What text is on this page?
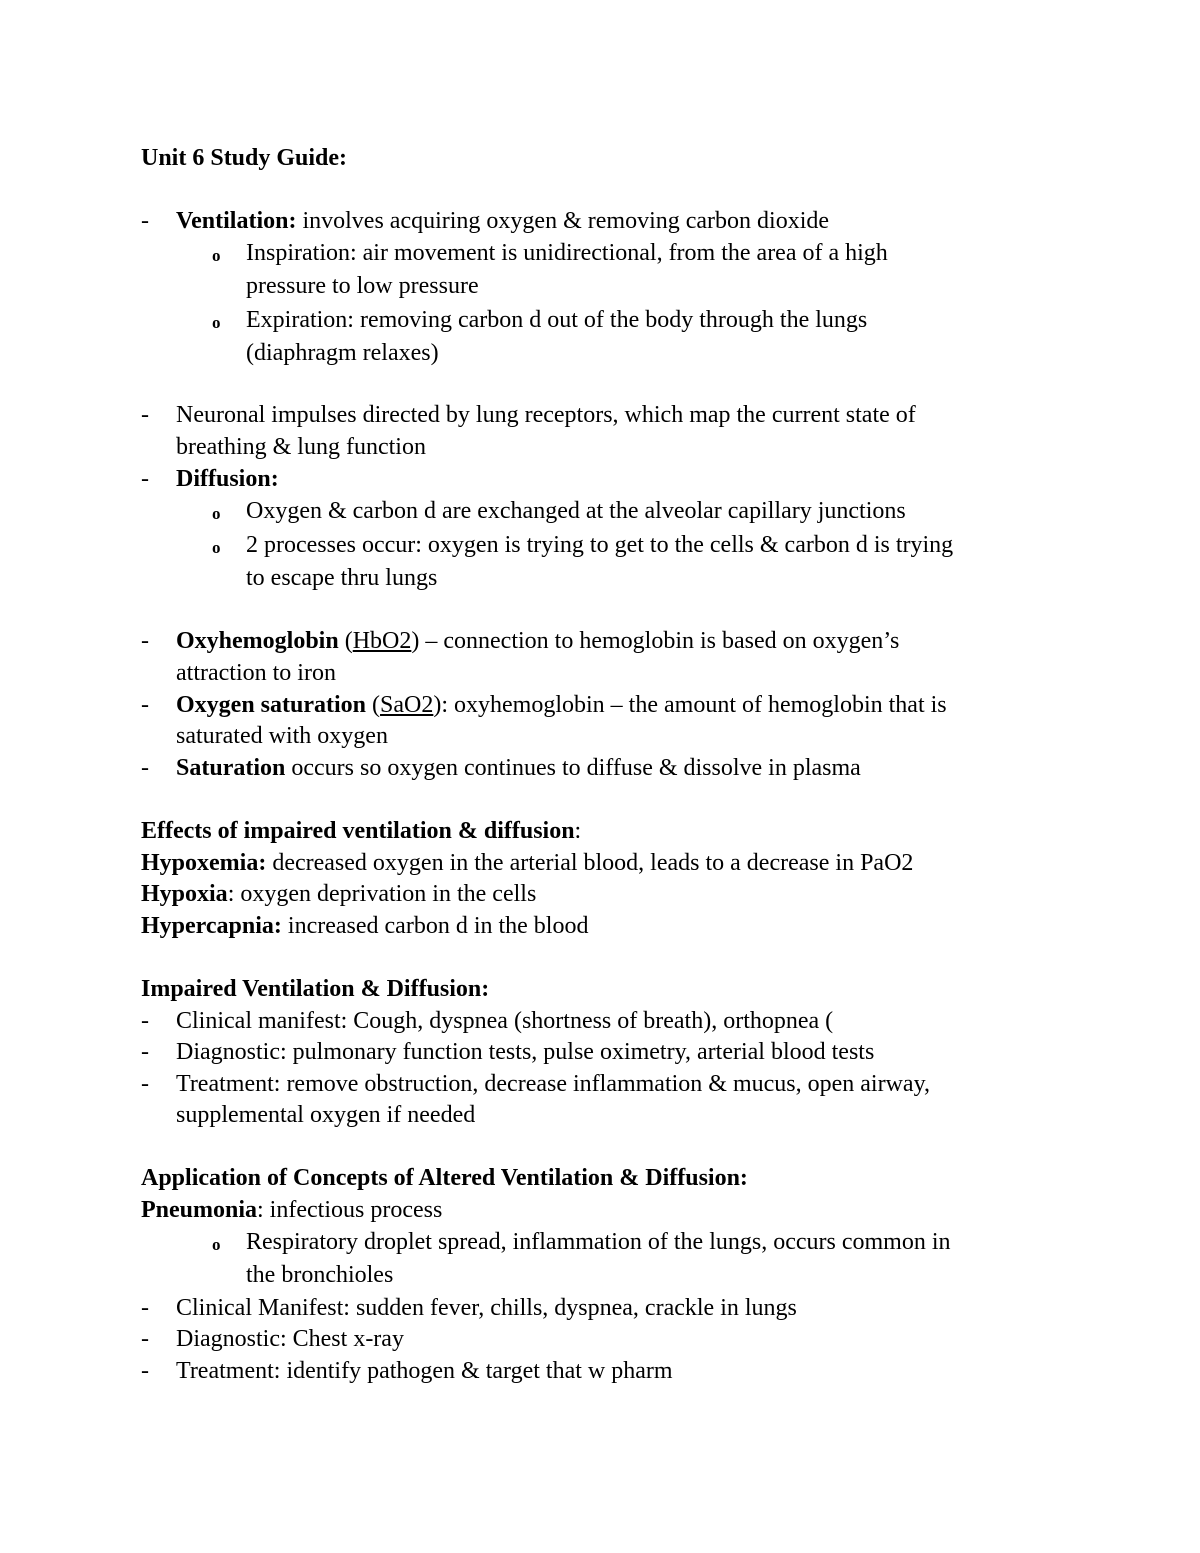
Unit 6 Study Guide:
- Ventilation: involves acquiring oxygen & removing carbon dioxide
o Inspiration: air movement is unidirectional, from the area of a high
pressure to low pressure
o Expiration: removing carbon d out of the body through the lungs
(diaphragm relaxes)
- Neuronal impulses directed by lung receptors, which map the current state of
breathing & lung function
- Diffusion:
o Oxygen & carbon d are exchanged at the alveolar capillary junctions
o 2 processes occur: oxygen is trying to get to the cells & carbon d is trying
to escape thru lungs
- Oxyhemoglobin (HbO2) – connection to hemoglobin is based on oxygen’s
attraction to iron
- Oxygen saturation (SaO2): oxyhemoglobin – the amount of hemoglobin that is
saturated with oxygen
- Saturation occurs so oxygen continues to diffuse & dissolve in plasma
Effects of impaired ventilation & diffusion:
Hypoxemia: decreased oxygen in the arterial blood, leads to a decrease in PaO2
Hypoxia: oxygen deprivation in the cells
Hypercapnia: increased carbon d in the blood
Impaired Ventilation & Diffusion:
- Clinical manifest: Cough, dyspnea (shortness of breath), orthopnea (
- Diagnostic: pulmonary function tests, pulse oximetry, arterial blood tests
- Treatment: remove obstruction, decrease inflammation & mucus, open airway,
supplemental oxygen if needed
Application of Concepts of Altered Ventilation & Diffusion:
Pneumonia: infectious process
o Respiratory droplet spread, inflammation of the lungs, occurs common in
the bronchioles
- Clinical Manifest: sudden fever, chills, dyspnea, crackle in lungs
- Diagnostic: Chest x-ray
- Treatment: identify pathogen & target that w pharm
